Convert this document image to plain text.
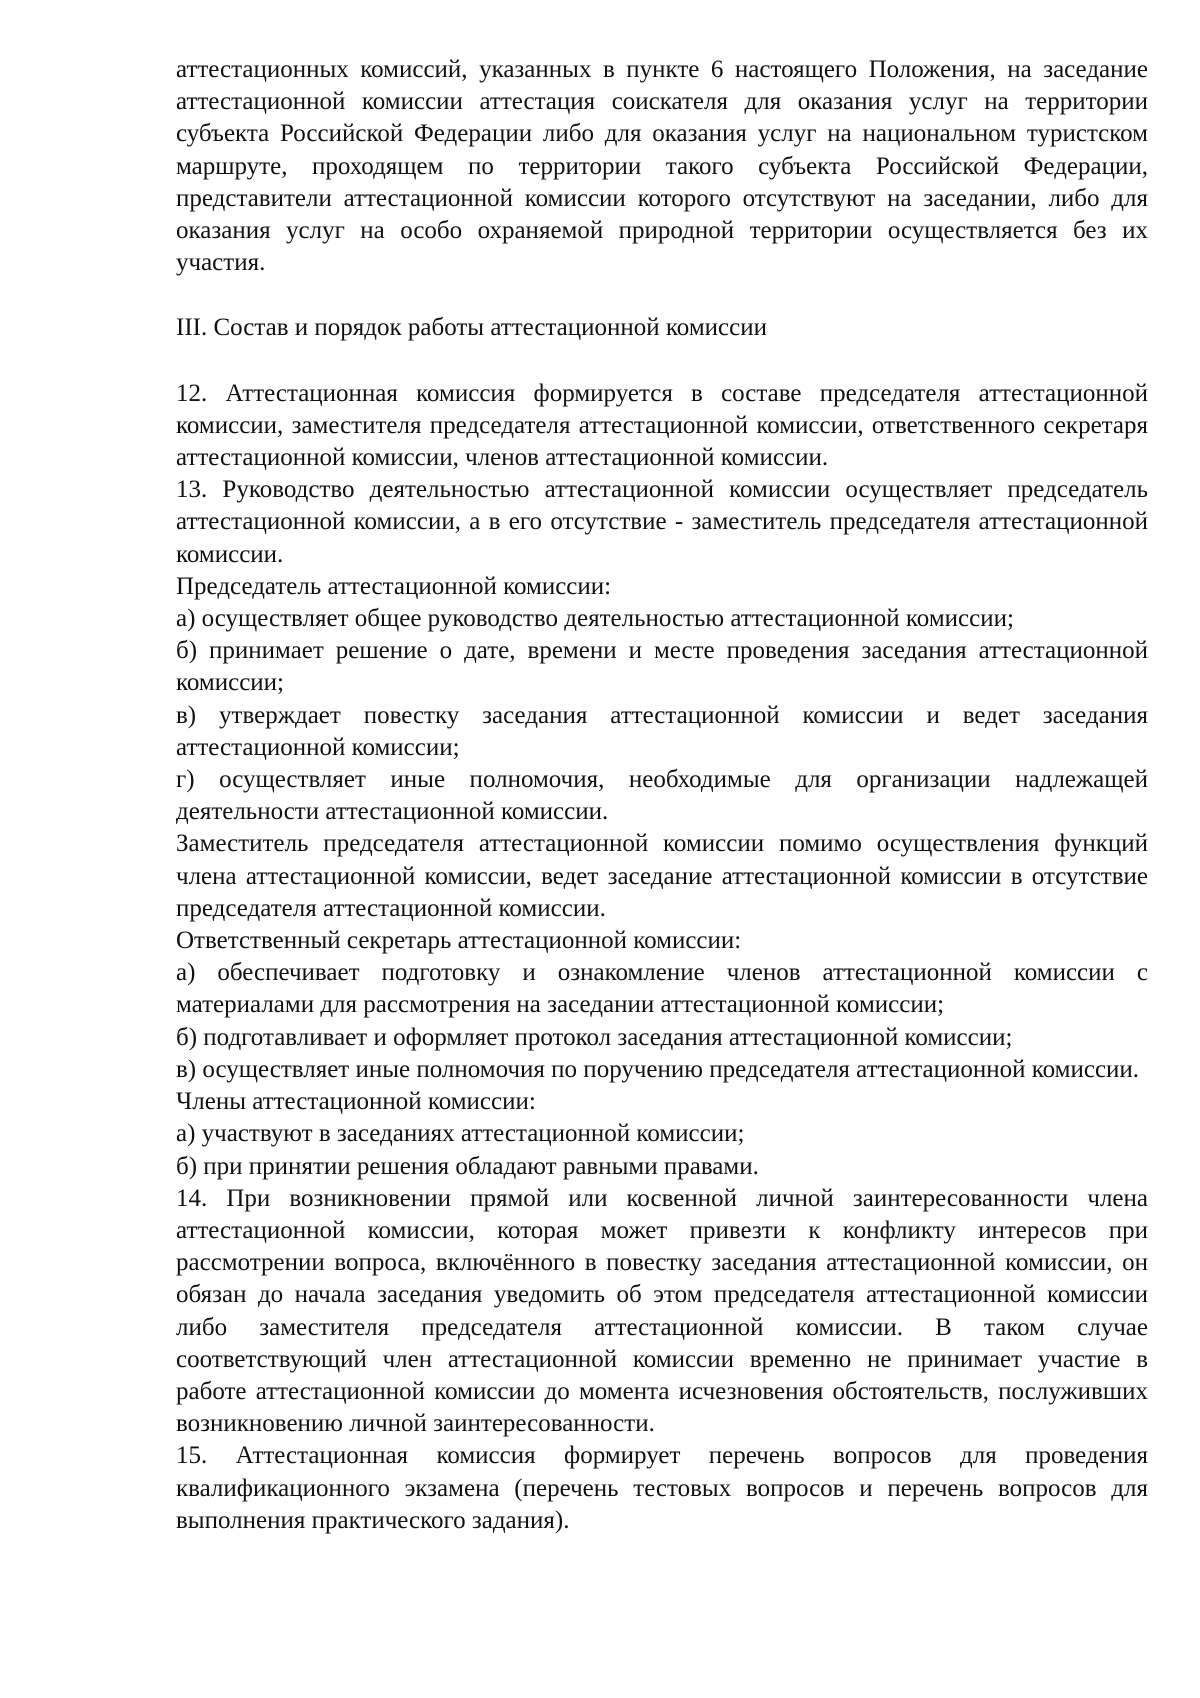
аттестационных комиссий, указанных в пункте 6 настоящего Положения, на заседание аттестационной комиссии аттестация соискателя для оказания услуг на территории субъекта Российской Федерации либо для оказания услуг на национальном туристском маршруте, проходящем по территории такого субъекта Российской Федерации, представители аттестационной комиссии которого отсутствуют на заседании, либо для оказания услуг на особо охраняемой природной территории осуществляется без их участия.

III. Состав и порядок работы аттестационной комиссии

12. Аттестационная комиссия формируется в составе председателя аттестационной комиссии, заместителя председателя аттестационной комиссии, ответственного секретаря аттестационной комиссии, членов аттестационной комиссии.

13. Руководство деятельностью аттестационной комиссии осуществляет председатель аттестационной комиссии, а в его отсутствие - заместитель председателя аттестационной комиссии.

Председатель аттестационной комиссии:

а) осуществляет общее руководство деятельностью аттестационной комиссии;

б) принимает решение о дате, времени и месте проведения заседания аттестационной комиссии;

в) утверждает повестку заседания аттестационной комиссии и ведет заседания аттестационной комиссии;

г) осуществляет иные полномочия, необходимые для организации надлежащей деятельности аттестационной комиссии.

Заместитель председателя аттестационной комиссии помимо осуществления функций члена аттестационной комиссии, ведет заседание аттестационной комиссии в отсутствие председателя аттестационной комиссии.

Ответственный секретарь аттестационной комиссии:

а) обеспечивает подготовку и ознакомление членов аттестационной комиссии с материалами для рассмотрения на заседании аттестационной комиссии;

б) подготавливает и оформляет протокол заседания аттестационной комиссии;

в) осуществляет иные полномочия по поручению председателя аттестационной комиссии.

Члены аттестационной комиссии:

а) участвуют в заседаниях аттестационной комиссии;

б) при принятии решения обладают равными правами.

14. При возникновении прямой или косвенной личной заинтересованности члена аттестационной комиссии, которая может привезти к конфликту интересов при рассмотрении вопроса, включённого в повестку заседания аттестационной комиссии, он обязан до начала заседания уведомить об этом председателя аттестационной комиссии либо заместителя председателя аттестационной комиссии. В таком случае соответствующий член аттестационной комиссии временно не принимает участие в работе аттестационной комиссии до момента исчезновения обстоятельств, послуживших возникновению личной заинтересованности.

15. Аттестационная комиссия формирует перечень вопросов для проведения квалификационного экзамена (перечень тестовых вопросов и перечень вопросов для выполнения практического задания).
